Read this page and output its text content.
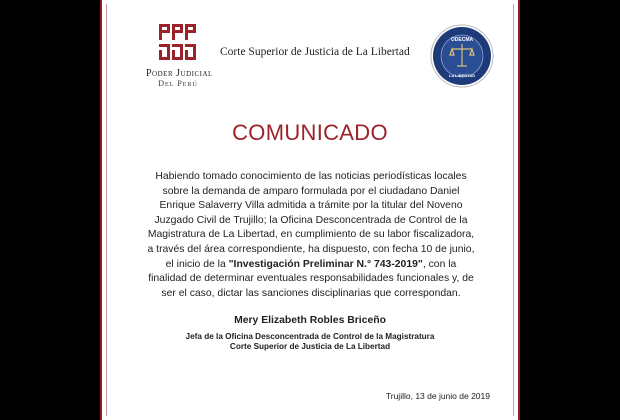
Poder Judicial
Del Perú
Corte Superior de Justicia de La Libertad
ODECMA
LA LIBERTAD
COMUNICADO

Habiendo tomado conocimiento de las noticias periodísticas locales sobre la demanda de amparo formulada por el ciudadano Daniel Enrique Salaverry Villa admitida a trámite por la titular del Noveno Juzgado Civil de Trujillo; la Oficina Desconcentrada de Control de la Magistratura de La Libertad, en cumplimiento de su labor fiscalizadora, a través del área correspondiente, ha dispuesto, con fecha 10 de junio, el inicio de la "Investigación Preliminar N.° 743-2019", con la finalidad de determinar eventuales responsabilidades funcionales y, de ser el caso, dictar las sanciones disciplinarias que correspondan.

Mery Elizabeth Robles Briceño
Jefa de la Oficina Desconcentrada de Control de la Magistratura
Corte Superior de Justicia de La Libertad
Trujillo, 13 de junio de 2019
